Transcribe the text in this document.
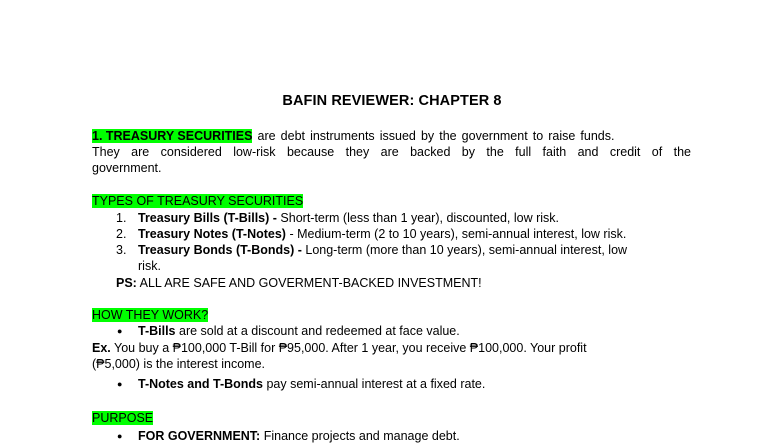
BAFIN REVIEWER: CHAPTER 8
1. TREASURY SECURITIES are debt instruments issued by the government to raise funds.
They are considered low-risk because they are backed by the full faith and credit of the
government.
TYPES OF TREASURY SECURITIES
1. Treasury Bills (T-Bills) - Short-term (less than 1 year), discounted, low risk.
2. Treasury Notes (T-Notes) - Medium-term (2 to 10 years), semi-annual interest, low risk.
3. Treasury Bonds (T-Bonds) - Long-term (more than 10 years), semi-annual interest, low
risk.
PS: ALL ARE SAFE AND GOVERMENT-BACKED INVESTMENT!
HOW THEY WORK?
● T-Bills are sold at a discount and redeemed at face value.
Ex. You buy a ₱100,000 T-Bill for ₱95,000. After 1 year, you receive ₱100,000. Your profit
(₱5,000) is the interest income.
● T-Notes and T-Bonds pay semi-annual interest at a fixed rate.
PURPOSE
● FOR GOVERNMENT: Finance projects and manage debt.
